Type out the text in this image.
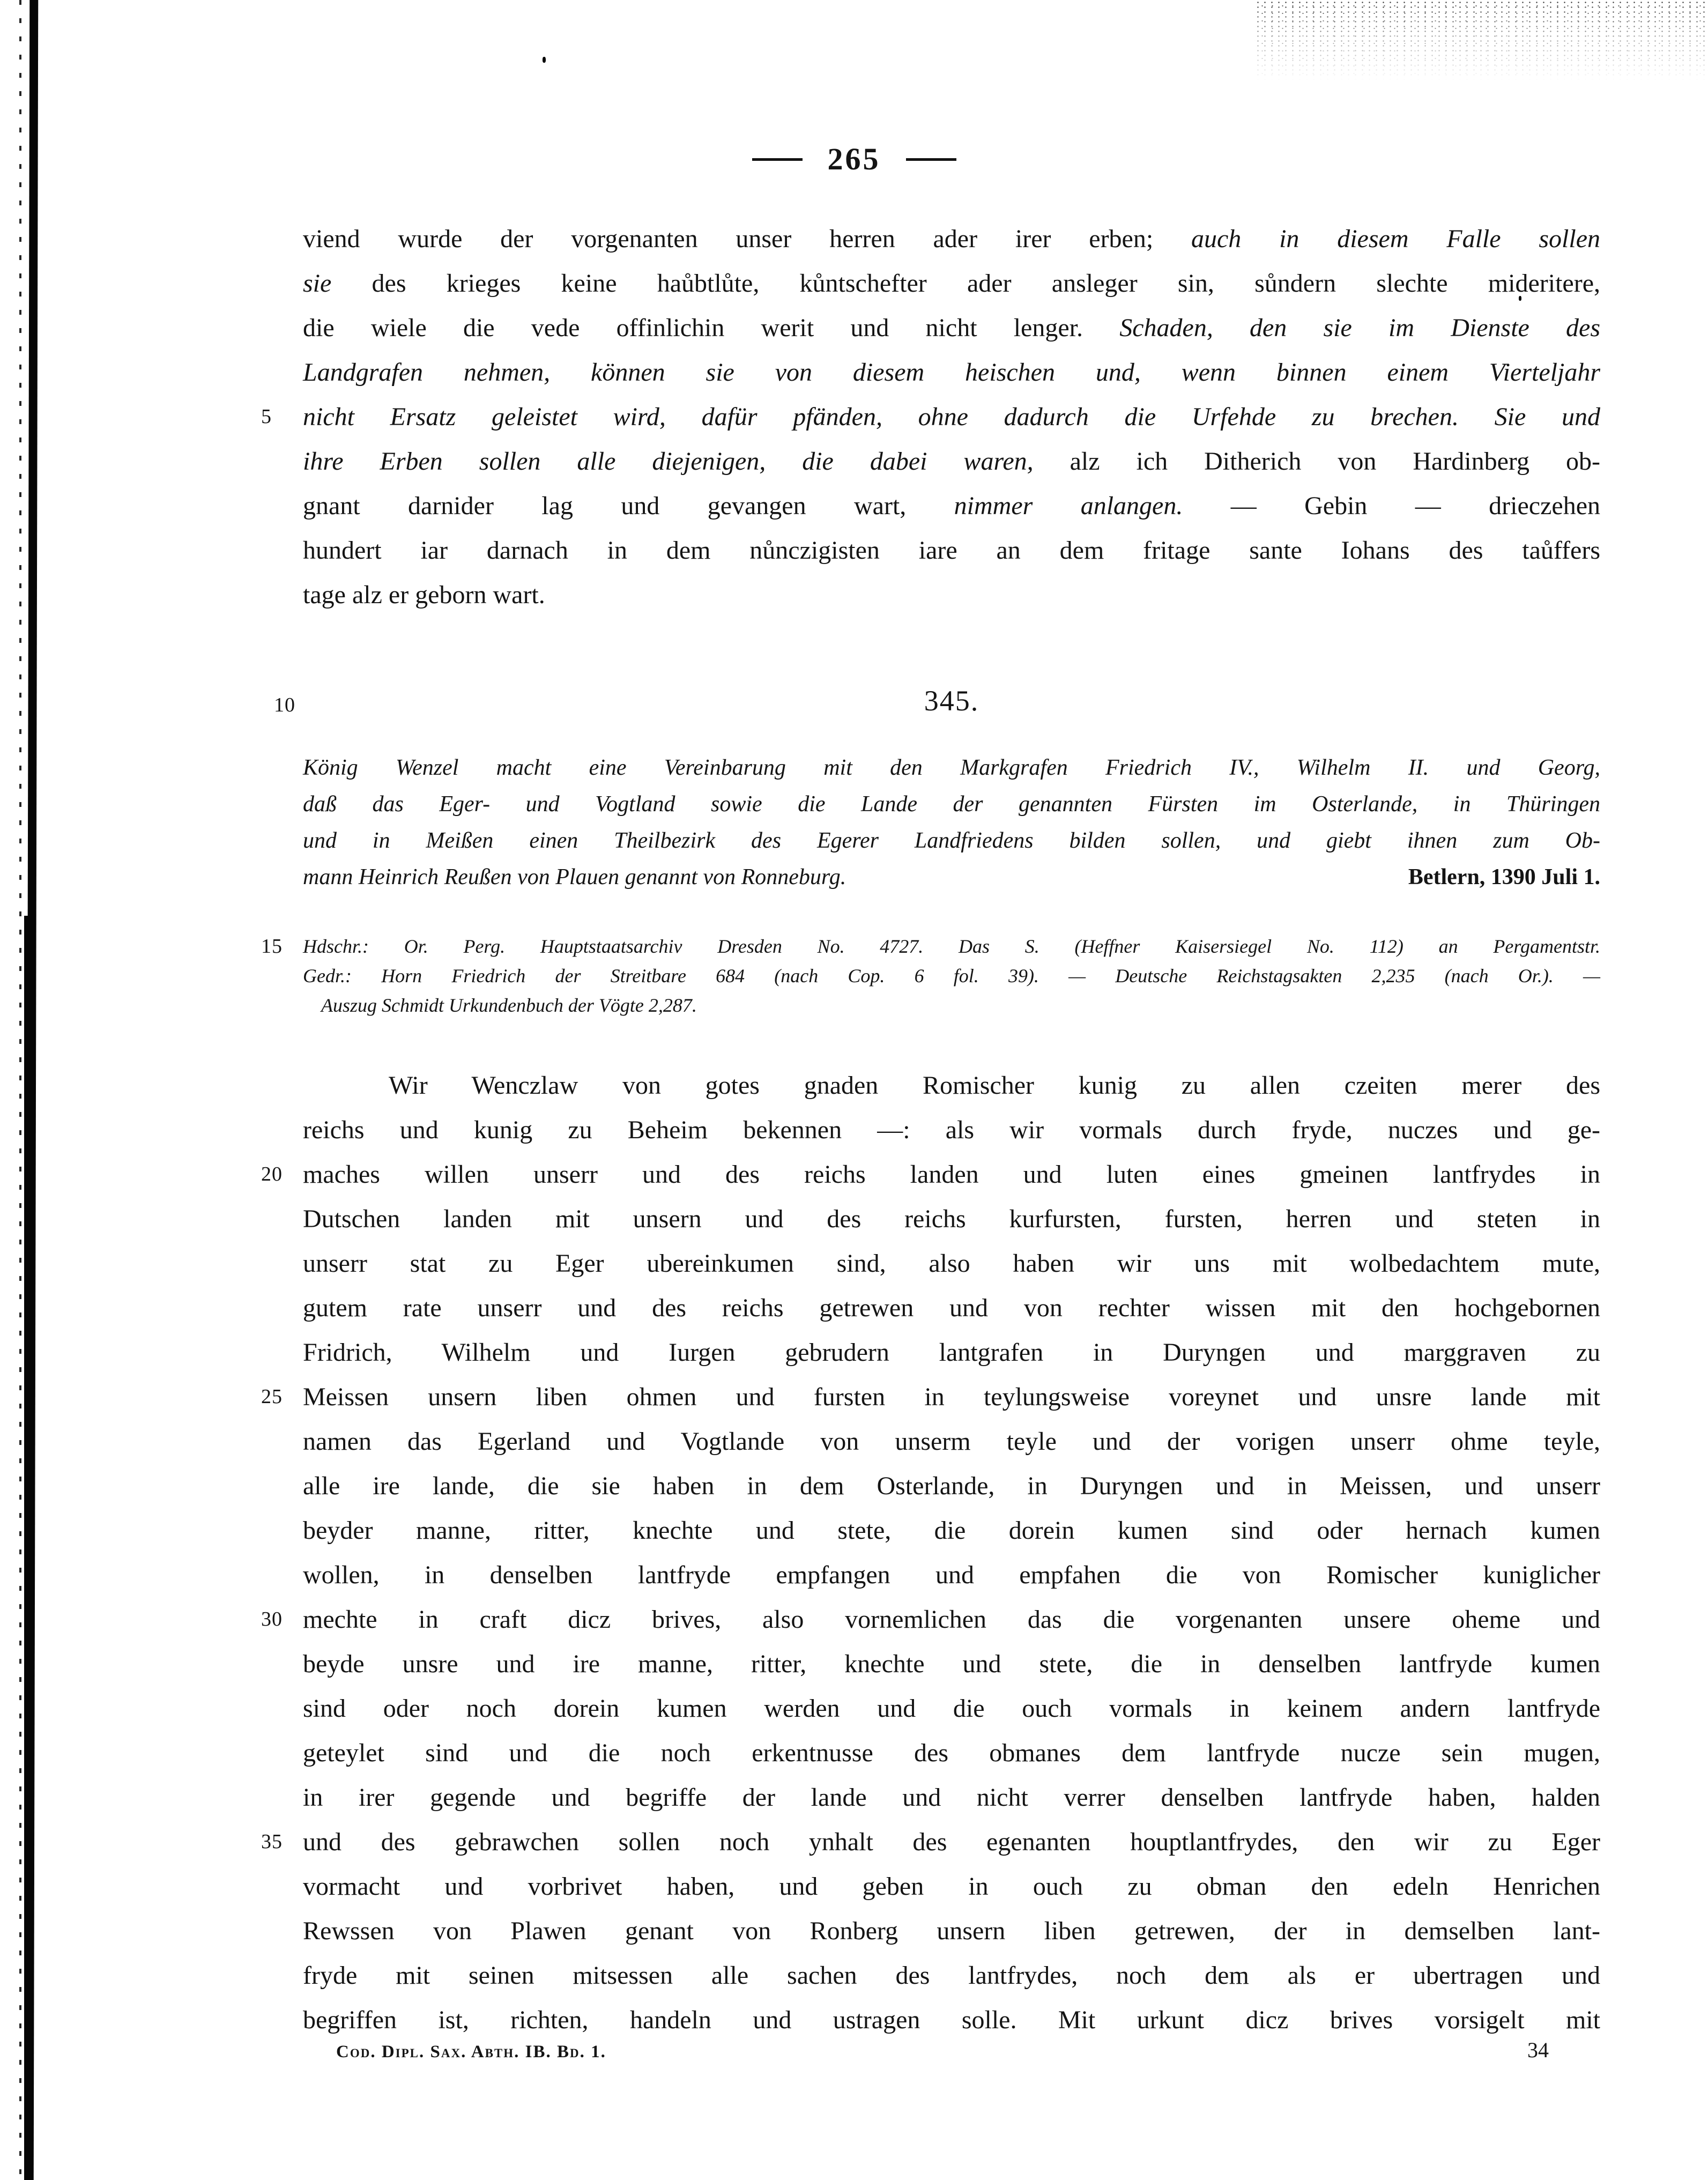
265
viend wurde der vorgenanten unser herren ader irer erben; auch in diesem Falle sollen
sie des krieges keine haůbtlůte, kůntschefter ader ansleger sin, sůndern slechte mideritere,
die wiele die vede offinlichin werit und nicht lenger. Schaden, den sie im Dienste des
Landgrafen nehmen, können sie von diesem heischen und, wenn binnen einem Vierteljahr
5	nicht Ersatz geleistet wird, dafür pfänden, ohne dadurch die Urfehde zu brechen. Sie und
ihre Erben sollen alle diejenigen, die dabei waren, alz ich Ditherich von Hardinberg ob-
gnant darnider lag und gevangen wart, nimmer anlangen. — Gebin — drieczehen
hundert iar darnach in dem nůnczigisten iare an dem fritage sante Iohans des taůffers
tage alz er geborn wart.
10	345.
König Wenzel macht eine Vereinbarung mit den Markgrafen Friedrich IV., Wilhelm II. und Georg,
daß das Eger- und Vogtland sowie die Lande der genannten Fürsten im Osterlande, in Thüringen
und in Meißen einen Theilbezirk des Egerer Landfriedens bilden sollen, und giebt ihnen zum Ob-
mann Heinrich Reußen von Plauen genannt von Ronneburg.	Betlern, 1390 Juli 1.
15	Hdschr.: Or. Perg. Hauptstaatsarchiv Dresden No. 4727. Das S. (Heffner Kaisersiegel No. 112) an Pergamentstr.
Gedr.: Horn Friedrich der Streitbare 684 (nach Cop. 6 fol. 39). — Deutsche Reichstagsakten 2,235 (nach Or.). —
Auszug Schmidt Urkundenbuch der Vögte 2,287.
Wir Wenczlaw von gotes gnaden Romischer kunig zu allen czeiten merer des
reichs und kunig zu Beheim bekennen —: als wir vormals durch fryde, nuczes und ge-
20 maches willen unserr und des reichs landen und luten eines gmeinen lantfrydes in
Dutschen landen mit unsern und des reichs kurfursten, fursten, herren und steten in
unserr stat zu Eger ubereinkumen sind, also haben wir uns mit wolbedachtem mute,
gutem rate unserr und des reichs getrewen und von rechter wissen mit den hochgebornen
Fridrich, Wilhelm und Iurgen gebrudern lantgrafen in Duryngen und marggraven zu
25 Meissen unsern liben ohmen und fursten in teylungsweise voreynet und unsre lande mit
namen das Egerland und Vogtlande von unserm teyle und der vorigen unserr ohme teyle,
alle ire lande, die sie haben in dem Osterlande, in Duryngen und in Meissen, und unserr
beyder manne, ritter, knechte und stete, die dorein kumen sind oder hernach kumen
wollen, in denselben lantfryde empfangen und empfahen die von Romischer kuniglicher
30 mechte in craft dicz brives, also vornemlichen das die vorgenanten unsere oheme und
beyde unsre und ire manne, ritter, knechte und stete, die in denselben lantfryde kumen
sind oder noch dorein kumen werden und die ouch vormals in keinem andern lantfryde
geteylet sind und die noch erkentnusse des obmanes dem lantfryde nucze sein mugen,
in irer gegende und begriffe der lande und nicht verrer denselben lantfryde haben, halden
35 und des gebrawchen sollen noch ynhalt des egenanten houptlantfrydes, den wir zu Eger
vormacht und vorbrivet haben, und geben in ouch zu obman den edeln Henrichen
Rewssen von Plawen genant von Ronberg unsern liben getrewen, der in demselben lant-
fryde mit seinen mitsessen alle sachen des lantfrydes, noch dem als er ubertragen und
begriffen ist, richten, handeln und ustragen solle. Mit urkunt dicz brives vorsigelt mit
Cod. Dipl. Sax. Abth. IB. Bd. 1.	34
